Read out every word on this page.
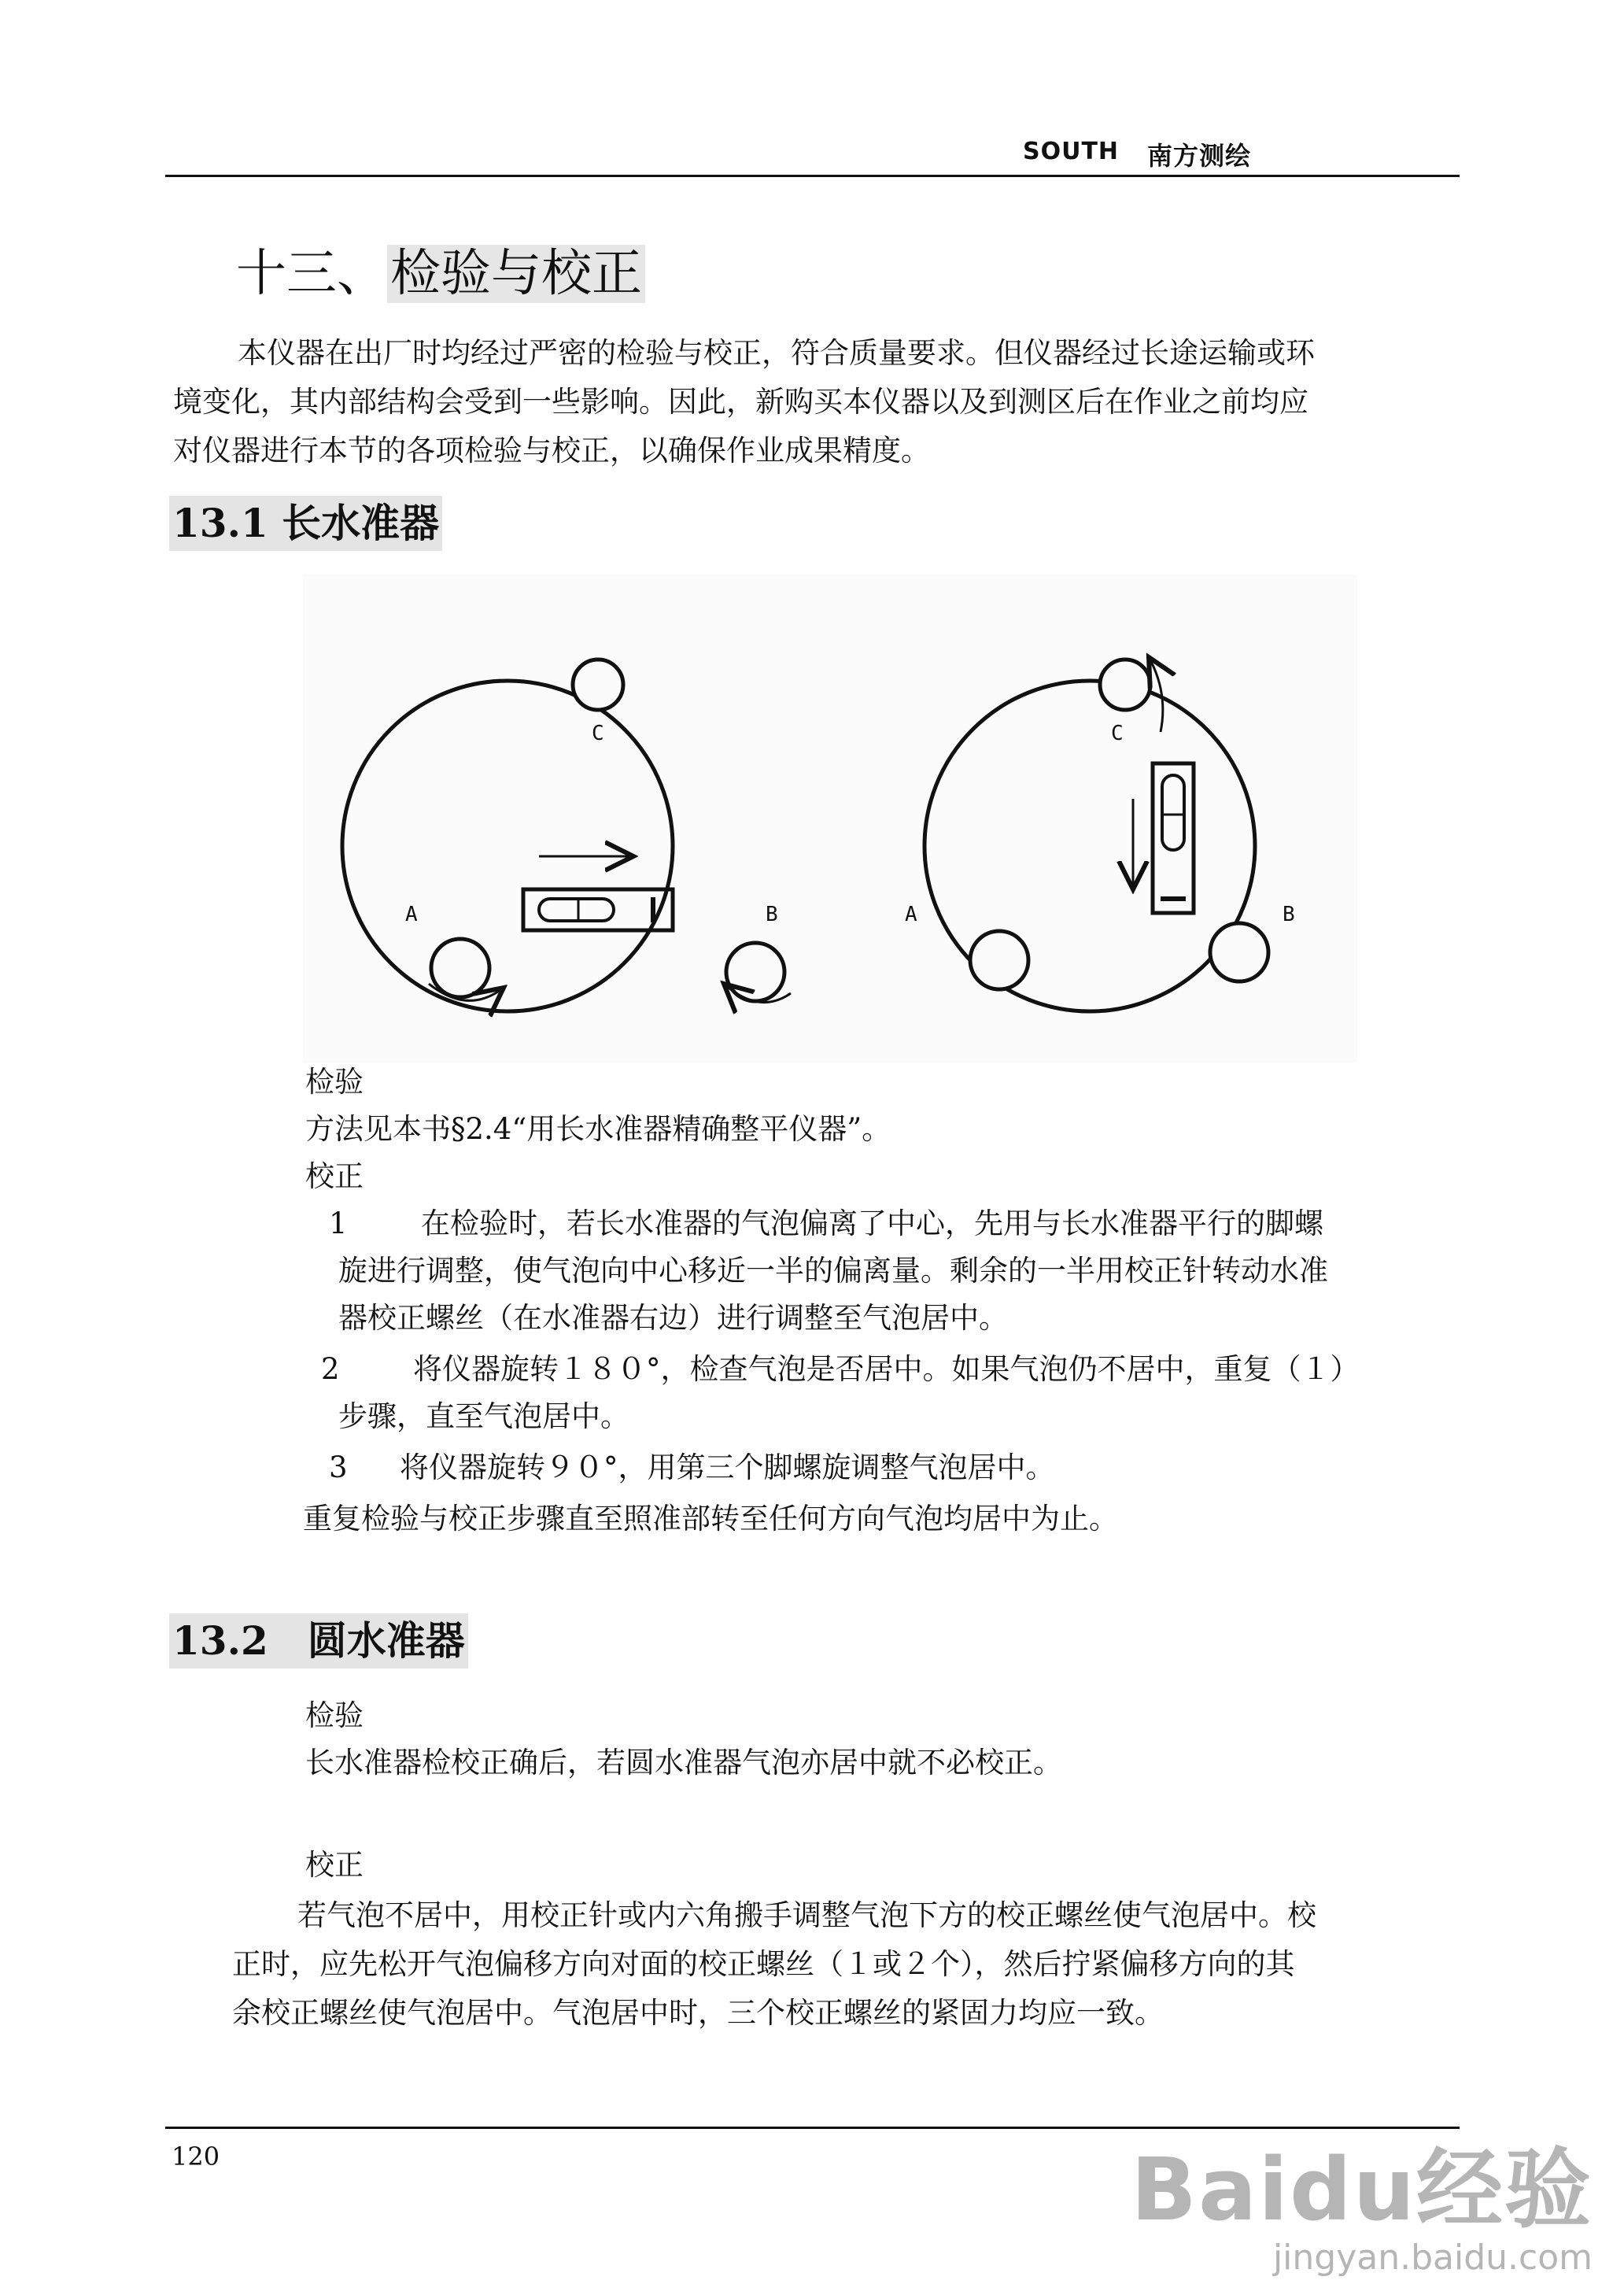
SOUTH 南方测绘
十三、检验与校正
本仪器在出厂时均经过严密的检验与校正，符合质量要求。但仪器经过长途运输或环
境变化，其内部结构会受到一些影响。因此，新购买本仪器以及到测区后在作业之前均应
对仪器进行本节的各项检验与校正，以确保作业成果精度。
13.1 长水准器
C
A	B
C
A	B
检验
方法见本书§2.4“用长水准器精确整平仪器”。
校正
1	在检验时，若长水准器的气泡偏离了中心，先用与长水准器平行的脚螺
旋进行调整，使气泡向中心移近一半的偏离量。剩余的一半用校正针转动水准
器校正螺丝（在水准器右边）进行调整至气泡居中。
2	将仪器旋转１８０°，检查气泡是否居中。如果气泡仍不居中，重复（１）
步骤，直至气泡居中。
3 将仪器旋转９０°，用第三个脚螺旋调整气泡居中。
重复检验与校正步骤直至照准部转至任何方向气泡均居中为止。
13.2　圆水准器
检验
长水准器检校正确后，若圆水准器气泡亦居中就不必校正。
校正
若气泡不居中，用校正针或内六角搬手调整气泡下方的校正螺丝使气泡居中。校
正时，应先松开气泡偏移方向对面的校正螺丝（１或２个），然后拧紧偏移方向的其
余校正螺丝使气泡居中。气泡居中时，三个校正螺丝的紧固力均应一致。
120	Baidu经验
jingyan.baidu.com
